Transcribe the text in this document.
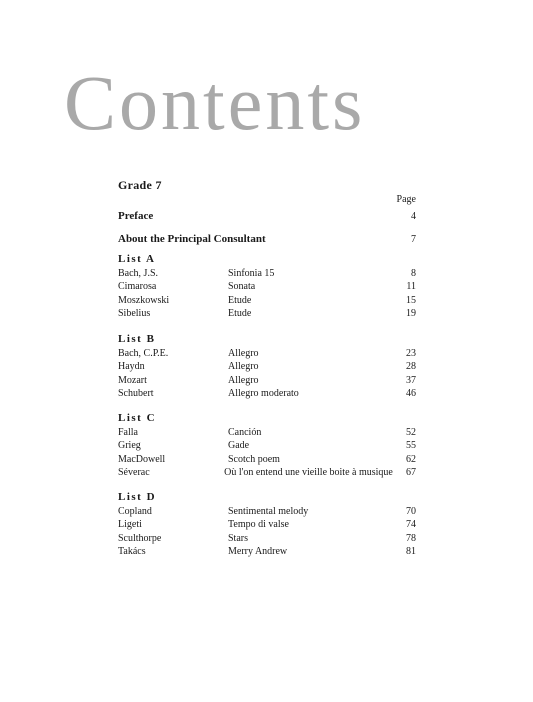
Contents
Grade 7
Page
Preface	4
About the Principal Consultant	7
List A
Bach, J.S.	Sinfonia 15	8
Cimarosa	Sonata	11
Moszkowski	Etude	15
Sibelius	Etude	19
List B
Bach, C.P.E.	Allegro	23
Haydn	Allegro	28
Mozart	Allegro	37
Schubert	Allegro moderato	46
List C
Falla	Canción	52
Grieg	Gade	55
MacDowell	Scotch poem	62
Séverac	Où l'on entend une vieille boite à musique	67
List D
Copland	Sentimental melody	70
Ligeti	Tempo di valse	74
Sculthorpe	Stars	78
Takács	Merry Andrew	81
